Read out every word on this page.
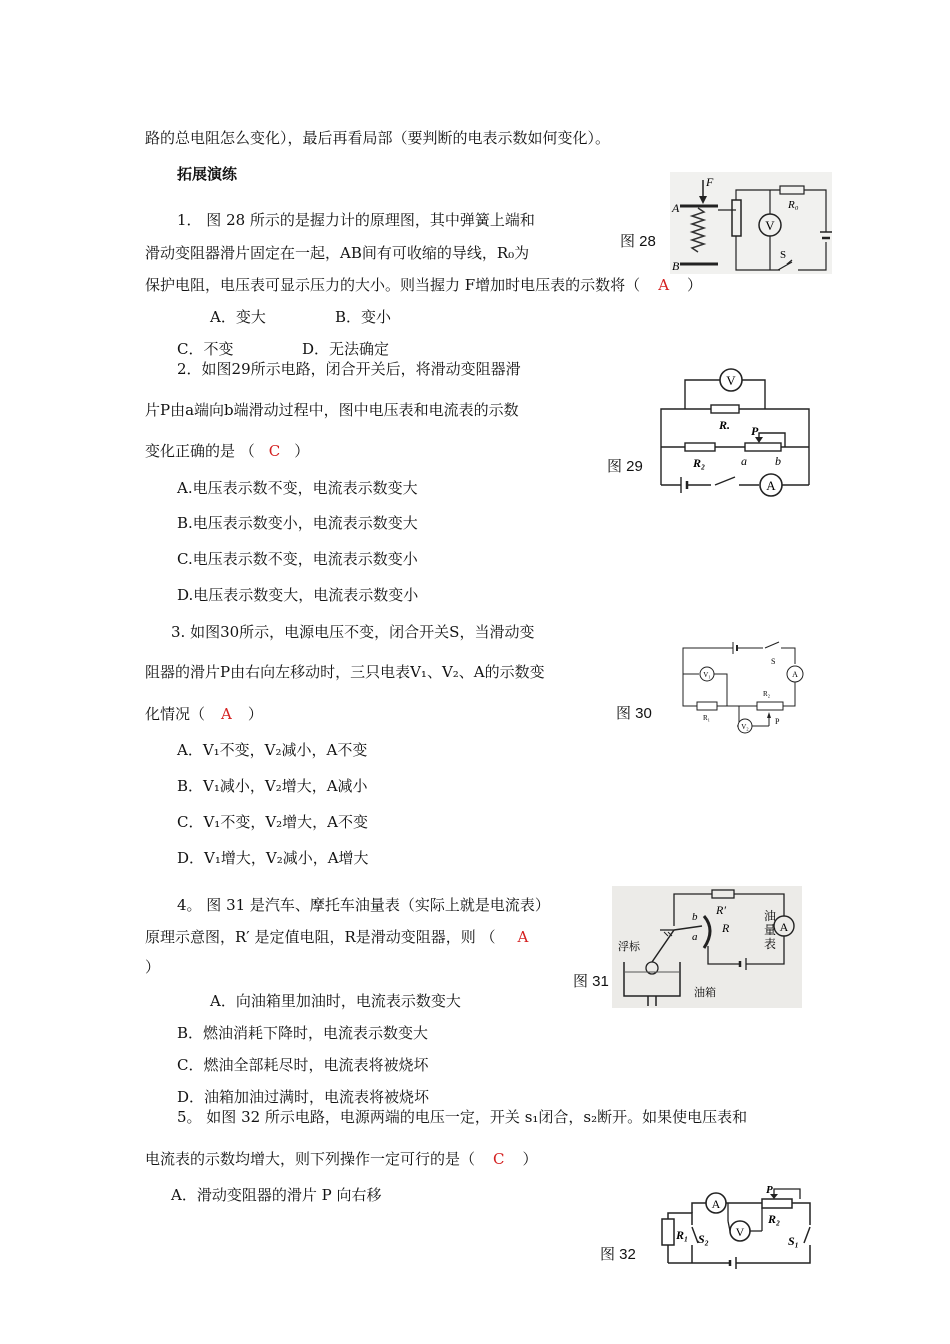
路的总电阻怎么变化），最后再看局部（要判断的电表示数如何变化）。
拓展演练
1． 图 28 所示的是握力计的原理图，其中弹簧上端和
滑动变阻器滑片固定在一起，AB间有可收缩的导线，R₀为
保护电阻，电压表可显示压力的大小。则当握力 F增加时电压表的示数将（ A ）
A．变大	B．变小
C．不变	D．无法确定
图 28
V
F
A
B
R₀
S
2．如图29所示电路，闭合开关后，将滑动变阻器滑
片P由a端向b端滑动过程中，图中电压表和电流表的示数
变化正确的是 （ C ）
A.电压表示数不变，电流表示数变大
B.电压表示数变小，电流表示数变大
C.电压表示数不变，电流表示数变小
D.电压表示数变大，电流表示数变小
图 29
V
R. P
R₂	a b
A
3. 如图30所示，电源电压不变，闭合开关S，当滑动变
阻器的滑片P由右向左移动时，三只电表V₁、V₂、A的示数变
化情况（ A ）
A．V₁不变，V₂减小，A不变
B．V₁减小，V₂增大，A减小
C．V₁不变，V₂增大，A不变
D．V₁增大，V₂减小，A增大
图 30
S
A
V₁
R₁
R₂
P
V₂
4。 图 31 是汽车、摩托车油量表（实际上就是电流表）
原理示意图，R′ 是定值电阻，R是滑动变阻器，则 （ A
）
A．向油箱里加油时，电流表示数变大
B．燃油消耗下降时，电流表示数变大
C．燃油全部耗尽时，电流表将被烧坏
D．油箱加油过满时，电流表将被烧坏
图 31
R′
A
油
量
表
R
b
a
浮标
油箱
5。 如图 32 所示电路，电源两端的电压一定，开关 s₁闭合，s₂断开。如果使电压表和
电流表的示数均增大，则下列操作一定可行的是（ C ）
A．滑动变阻器的滑片 P 向右移
图 32
A
P
R₂
R₁ S₂ V
S₁
